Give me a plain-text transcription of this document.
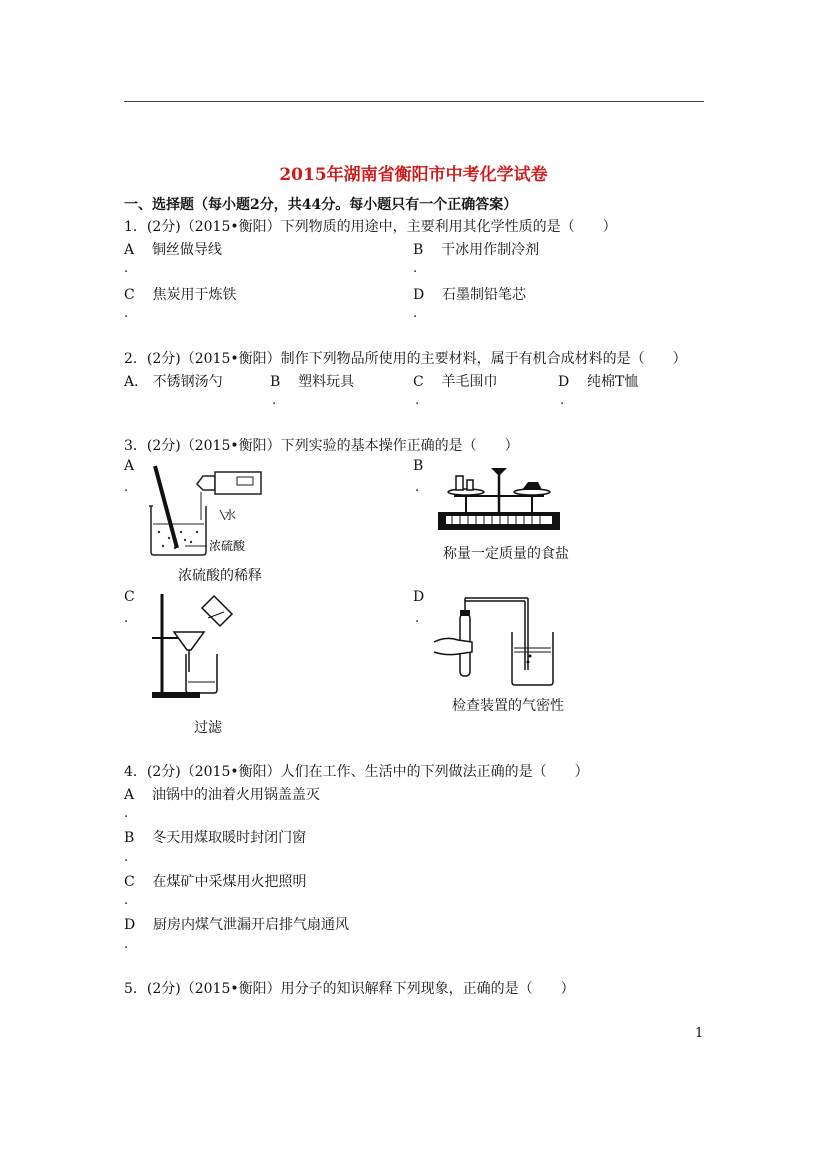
2015年湖南省衡阳市中考化学试卷
一、选择题（每小题2分，共44分。每小题只有一个正确答案）
1．(2分)（2015•衡阳）下列物质的用途中，主要利用其化学性质的是（　　）
A 铜丝做导线
.
B 干冰用作制冷剂
.
C 焦炭用于炼铁
.
D 石墨制铅笔芯
.
2．(2分)（2015•衡阳）制作下列物品所使用的主要材料，属于有机合成材料的是（　　）
A． 不锈钢汤勺	B 塑料玩具
.
C 羊毛围巾
.
D 纯棉T恤
.
3．(2分)（2015•衡阳）下列实验的基本操作正确的是（　　）
A
.
水
浓硫酸
浓硫酸的稀释
B
.
称量一定质量的食盐
C
.
过滤
D
.
检查装置的气密性
4．(2分)（2015•衡阳）人们在工作、生活中的下列做法正确的是（　　）
A 油锅中的油着火用锅盖盖灭
.
B 冬天用煤取暖时封闭门窗
.
C 在煤矿中采煤用火把照明
.
D 厨房内煤气泄漏开启排气扇通风
.
5．(2分)（2015•衡阳）用分子的知识解释下列现象，正确的是（　　）
1
